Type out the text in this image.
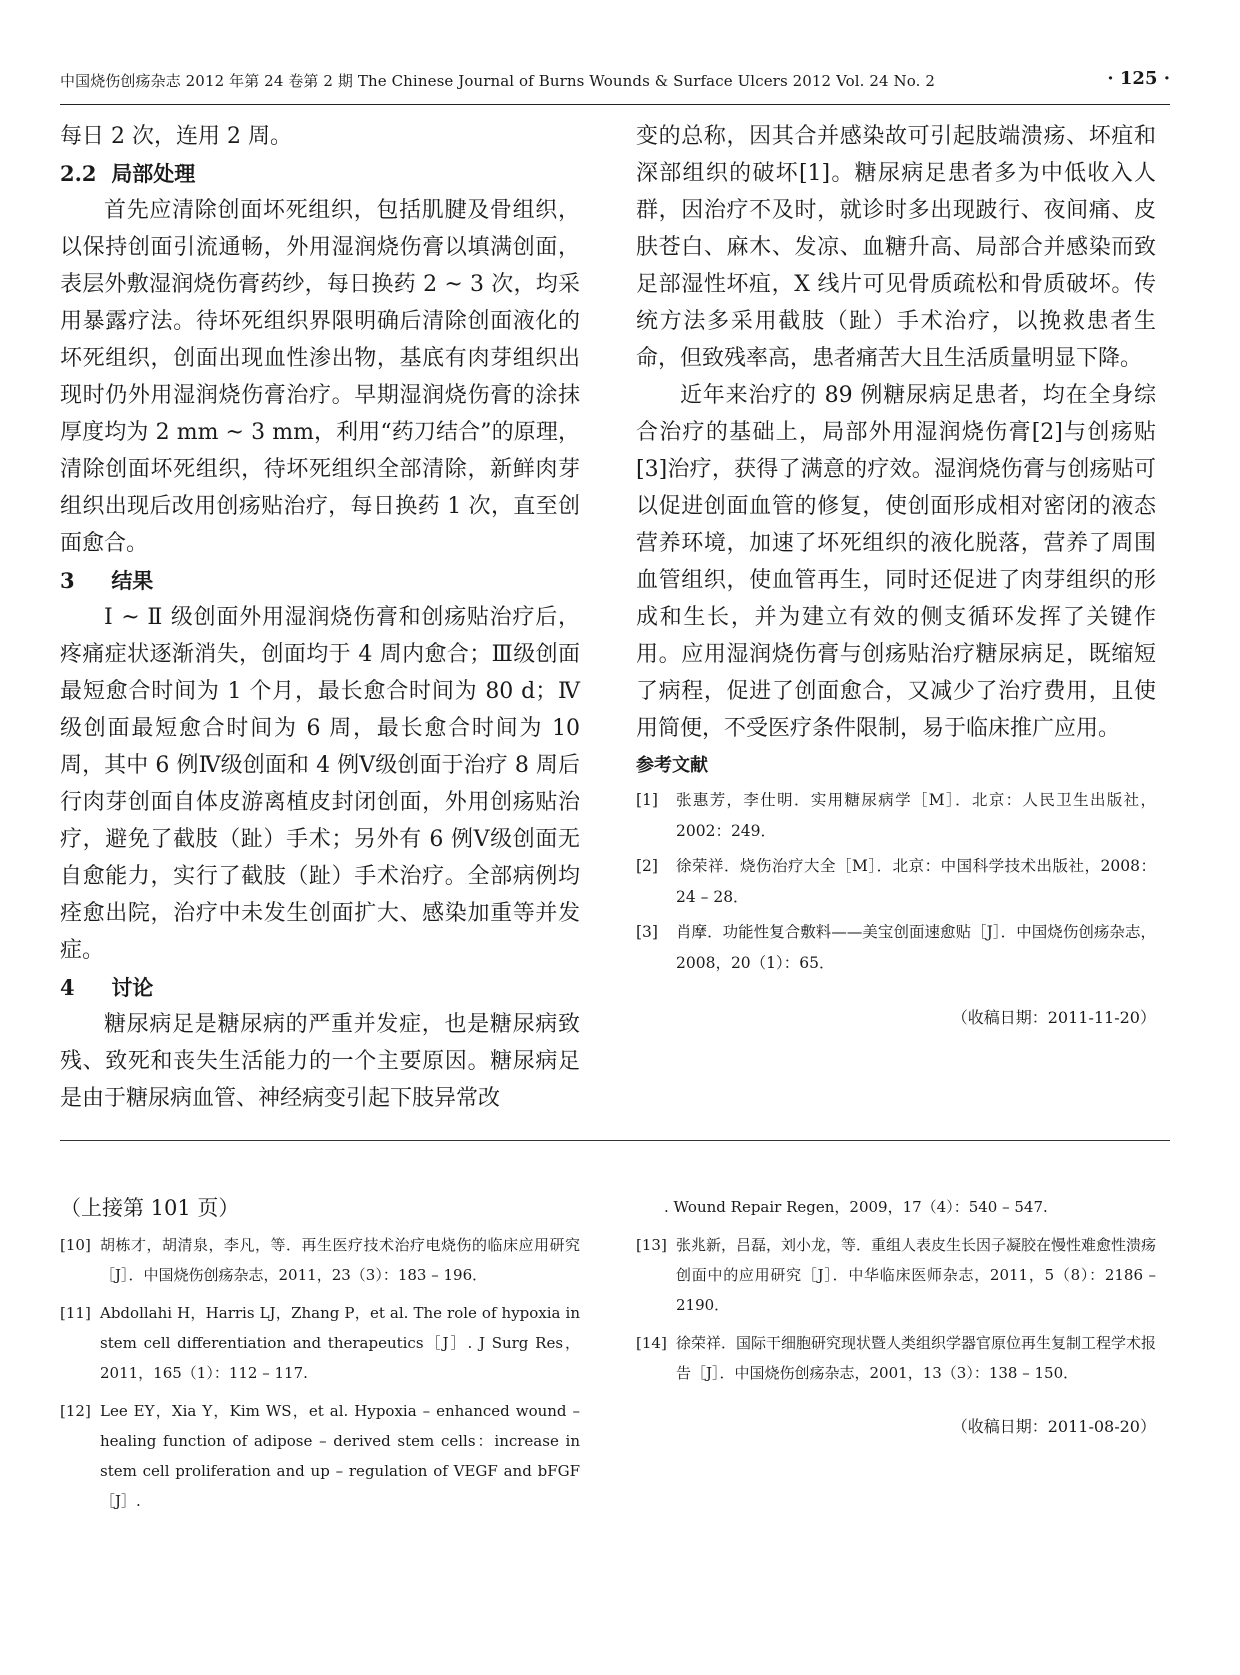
中国烧伤创疡杂志 2012 年第 24 卷第 2 期 The Chinese Journal of Burns Wounds & Surface Ulcers 2012 Vol. 24 No. 2	· 125 ·

每日 2 次，连用 2 周。

2.2 局部处理

首先应清除创面坏死组织，包括肌腱及骨组织，以保持创面引流通畅，外用湿润烧伤膏以填满创面，表层外敷湿润烧伤膏药纱，每日换药 2 ~ 3 次，均采用暴露疗法。待坏死组织界限明确后清除创面液化的坏死组织，创面出现血性渗出物，基底有肉芽组织出现时仍外用湿润烧伤膏治疗。早期湿润烧伤膏的涂抹厚度均为 2 mm ~ 3 mm，利用“药刀结合”的原理，清除创面坏死组织，待坏死组织全部清除，新鲜肉芽组织出现后改用创疡贴治疗，每日换药 1 次，直至创面愈合。

3 结果

Ⅰ ~ Ⅱ 级创面外用湿润烧伤膏和创疡贴治疗后，疼痛症状逐渐消失，创面均于 4 周内愈合；Ⅲ级创面最短愈合时间为 1 个月，最长愈合时间为 80 d；Ⅳ级创面最短愈合时间为 6 周，最长愈合时间为 10 周，其中 6 例Ⅳ级创面和 4 例Ⅴ级创面于治疗 8 周后行肉芽创面自体皮游离植皮封闭创面，外用创疡贴治疗，避免了截肢（趾）手术；另外有 6 例Ⅴ级创面无自愈能力，实行了截肢（趾）手术治疗。全部病例均痊愈出院，治疗中未发生创面扩大、感染加重等并发症。

4 讨论

糖尿病足是糖尿病的严重并发症，也是糖尿病致残、致死和丧失生活能力的一个主要原因。糖尿病足是由于糖尿病血管、神经病变引起下肢异常改

变的总称，因其合并感染故可引起肢端溃疡、坏疽和深部组织的破坏[1]。糖尿病足患者多为中低收入人群，因治疗不及时，就诊时多出现跛行、夜间痛、皮肤苍白、麻木、发凉、血糖升高、局部合并感染而致足部湿性坏疽，X 线片可见骨质疏松和骨质破坏。传统方法多采用截肢（趾）手术治疗，以挽救患者生命，但致残率高，患者痛苦大且生活质量明显下降。

近年来治疗的 89 例糖尿病足患者，均在全身综合治疗的基础上，局部外用湿润烧伤膏[2]与创疡贴[3]治疗，获得了满意的疗效。湿润烧伤膏与创疡贴可以促进创面血管的修复，使创面形成相对密闭的液态营养环境，加速了坏死组织的液化脱落，营养了周围血管组织，使血管再生，同时还促进了肉芽组织的形成和生长，并为建立有效的侧支循环发挥了关键作用。应用湿润烧伤膏与创疡贴治疗糖尿病足，既缩短了病程，促进了创面愈合，又减少了治疗费用，且使用简便，不受医疗条件限制，易于临床推广应用。

参考文献
[1] 张惠芳，李仕明．实用糖尿病学［M］．北京：人民卫生出版社，2002：249．
[2] 徐荣祥．烧伤治疗大全［M］．北京：中国科学技术出版社，2008：24 – 28．
[3] 肖摩．功能性复合敷料——美宝创面速愈贴［J］．中国烧伤创疡杂志，2008，20（1）：65．
（收稿日期：2011-11-20）
（上接第 101 页）
[10] 胡栋才，胡清泉，李凡，等．再生医疗技术治疗电烧伤的临床应用研究［J］．中国烧伤创疡杂志，2011，23（3）：183 – 196．
[11] Abdollahi H，Harris LJ，Zhang P，et al. The role of hypoxia in stem cell differentiation and therapeutics［J］. J Surg Res，2011，165（1）：112 – 117.
[12] Lee EY，Xia Y，Kim WS，et al. Hypoxia – enhanced wound – healing function of adipose – derived stem cells：increase in stem cell proliferation and up – regulation of VEGF and bFGF［J］.
. Wound Repair Regen，2009，17（4）：540 – 547.
[13] 张兆新，吕磊，刘小龙，等．重组人表皮生长因子凝胶在慢性难愈性溃疡创面中的应用研究［J］．中华临床医师杂志，2011，5（8）：2186 – 2190．
[14] 徐荣祥．国际干细胞研究现状暨人类组织学器官原位再生复制工程学术报告［J］．中国烧伤创疡杂志，2001，13（3）：138 – 150．
（收稿日期：2011-08-20）
